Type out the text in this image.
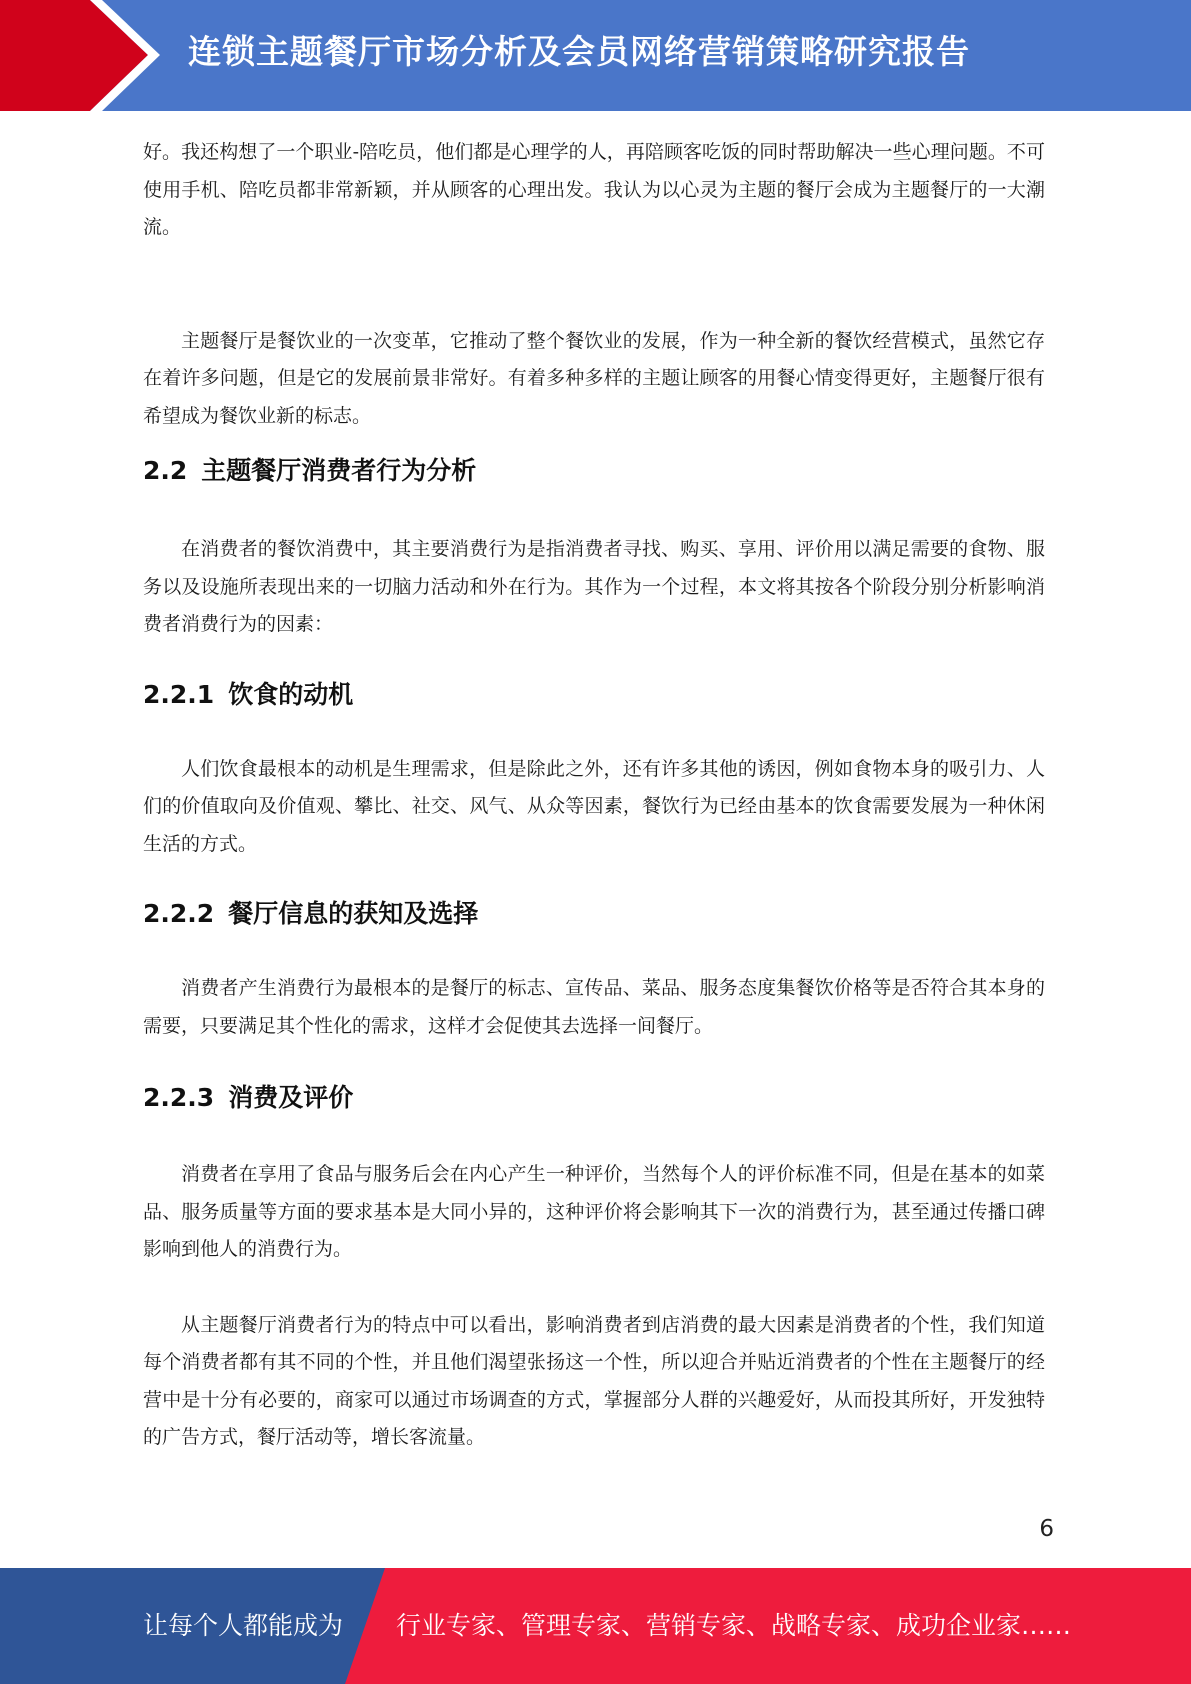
连锁主题餐厅市场分析及会员网络营销策略研究报告

好。我还构想了一个职业-陪吃员，他们都是心理学的人，再陪顾客吃饭的同时帮助解决一些心理问题。不可使用手机、陪吃员都非常新颖，并从顾客的心理出发。我认为以心灵为主题的餐厅会成为主题餐厅的一大潮流。

主题餐厅是餐饮业的一次变革，它推动了整个餐饮业的发展，作为一种全新的餐饮经营模式，虽然它存在着许多问题，但是它的发展前景非常好。有着多种多样的主题让顾客的用餐心情变得更好，主题餐厅很有希望成为餐饮业新的标志。

2.2 主题餐厅消费者行为分析

在消费者的餐饮消费中，其主要消费行为是指消费者寻找、购买、享用、评价用以满足需要的食物、服务以及设施所表现出来的一切脑力活动和外在行为。其作为一个过程，本文将其按各个阶段分别分析影响消费者消费行为的因素：

2.2.1 饮食的动机

人们饮食最根本的动机是生理需求，但是除此之外，还有许多其他的诱因，例如食物本身的吸引力、人们的价值取向及价值观、攀比、社交、风气、从众等因素，餐饮行为已经由基本的饮食需要发展为一种休闲生活的方式。

2.2.2 餐厅信息的获知及选择

消费者产生消费行为最根本的是餐厅的标志、宣传品、菜品、服务态度集餐饮价格等是否符合其本身的需要，只要满足其个性化的需求，这样才会促使其去选择一间餐厅。

2.2.3 消费及评价

消费者在享用了食品与服务后会在内心产生一种评价，当然每个人的评价标准不同，但是在基本的如菜品、服务质量等方面的要求基本是大同小异的，这种评价将会影响其下一次的消费行为，甚至通过传播口碑影响到他人的消费行为。

从主题餐厅消费者行为的特点中可以看出，影响消费者到店消费的最大因素是消费者的个性，我们知道每个消费者都有其不同的个性，并且他们渴望张扬这一个性，所以迎合并贴近消费者的个性在主题餐厅的经营中是十分有必要的，商家可以通过市场调查的方式，掌握部分人群的兴趣爱好，从而投其所好，开发独特的广告方式，餐厅活动等，增长客流量。

6
让每个人都能成为 行业专家、管理专家、营销专家、战略专家、成功企业家……
